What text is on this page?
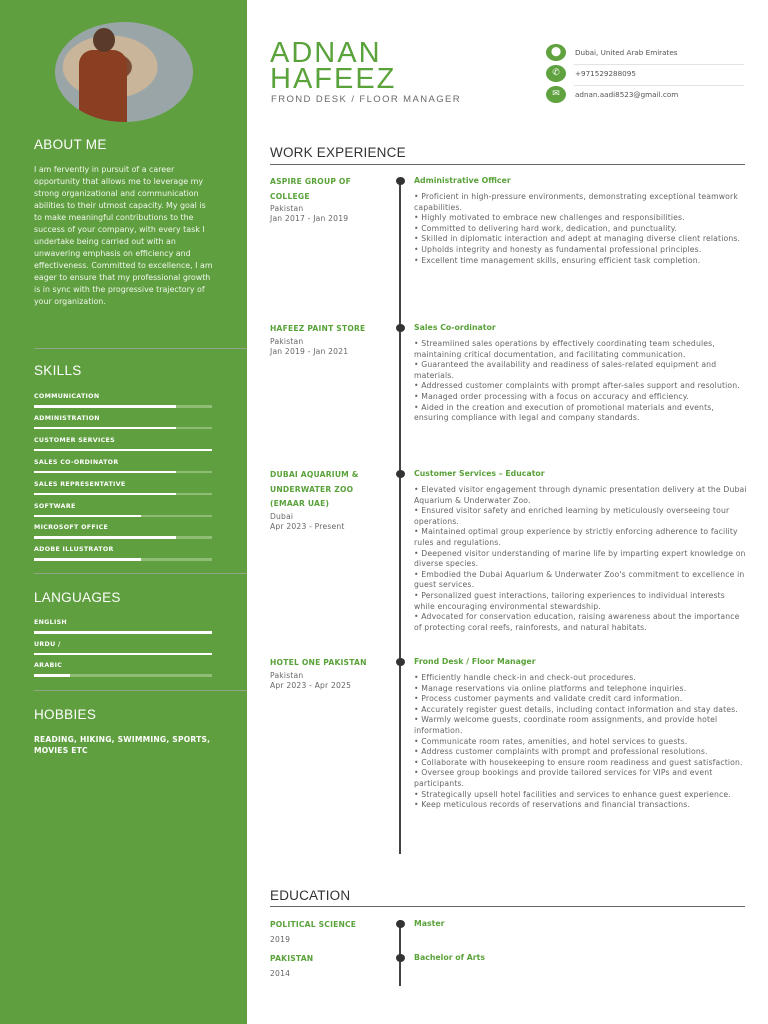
ABOUT ME
I am fervently in pursuit of a career opportunity that allows me to leverage my strong organizational and communication abilities to their utmost capacity. My goal is to make meaningful contributions to the success of your company, with every task I undertake being carried out with an unwavering emphasis on efficiency and effectiveness. Committed to excellence, I am eager to ensure that my professional growth is in sync with the progressive trajectory of your organization.
SKILLS
COMMUNICATION
ADMINISTRATION
CUSTOMER SERVICES
SALES CO-ORDINATOR
SALES REPRESENTATIVE
SOFTWARE
MICROSOFT OFFICE
ADOBE ILLUSTRATOR
LANGUAGES
ENGLISH
URDU /
ARABIC
HOBBIES
READING, HIKING, SWIMMING, SPORTS, MOVIES ETC
ADNAN
HAFEEZ
FROND DESK / FLOOR MANAGER
⬤	Dubai, United Arab Emirates
✆	+971529288095
✉	adnan.aadi8523@gmail.com
WORK EXPERIENCE
ASPIRE GROUP OF
COLLEGE
Pakistan
Jan 2017 - Jan 2019
Administrative Officer
• Proficient in high-pressure environments, demonstrating exceptional teamwork capabilities.
• Highly motivated to embrace new challenges and responsibilities.
• Committed to delivering hard work, dedication, and punctuality.
• Skilled in diplomatic interaction and adept at managing diverse client relations.
• Upholds integrity and honesty as fundamental professional principles.
• Excellent time management skills, ensuring efficient task completion.
HAFEEZ PAINT STORE
Pakistan
Jan 2019 - Jan 2021
Sales Co-ordinator
• Streamlined sales operations by effectively coordinating team schedules, maintaining critical documentation, and facilitating communication.
• Guaranteed the availability and readiness of sales-related equipment and materials.
• Addressed customer complaints with prompt after-sales support and resolution.
• Managed order processing with a focus on accuracy and efficiency.
• Aided in the creation and execution of promotional materials and events, ensuring compliance with legal and company standards.
DUBAI AQUARIUM &
UNDERWATER ZOO
(EMAAR UAE)
Dubai
Apr 2023 - Present
Customer Services – Educator
• Elevated visitor engagement through dynamic presentation delivery at the Dubai Aquarium & Underwater Zoo.
• Ensured visitor safety and enriched learning by meticulously overseeing tour operations.
• Maintained optimal group experience by strictly enforcing adherence to facility rules and regulations.
• Deepened visitor understanding of marine life by imparting expert knowledge on diverse species.
• Embodied the Dubai Aquarium & Underwater Zoo's commitment to excellence in guest services.
• Personalized guest interactions, tailoring experiences to individual interests while encouraging environmental stewardship.
• Advocated for conservation education, raising awareness about the importance of protecting coral reefs, rainforests, and natural habitats.
HOTEL ONE PAKISTAN
Pakistan
Apr 2023 - Apr 2025
Frond Desk / Floor Manager
• Efficiently handle check-in and check-out procedures.
• Manage reservations via online platforms and telephone inquiries.
• Process customer payments and validate credit card information.
• Accurately register guest details, including contact information and stay dates.
• Warmly welcome guests, coordinate room assignments, and provide hotel information.
• Communicate room rates, amenities, and hotel services to guests.
• Address customer complaints with prompt and professional resolutions.
• Collaborate with housekeeping to ensure room readiness and guest satisfaction.
• Oversee group bookings and provide tailored services for VIPs and event participants.
• Strategically upsell hotel facilities and services to enhance guest experience.
• Keep meticulous records of reservations and financial transactions.
EDUCATION
POLITICAL SCIENCE
2019
Master
PAKISTAN
2014
Bachelor of Arts
